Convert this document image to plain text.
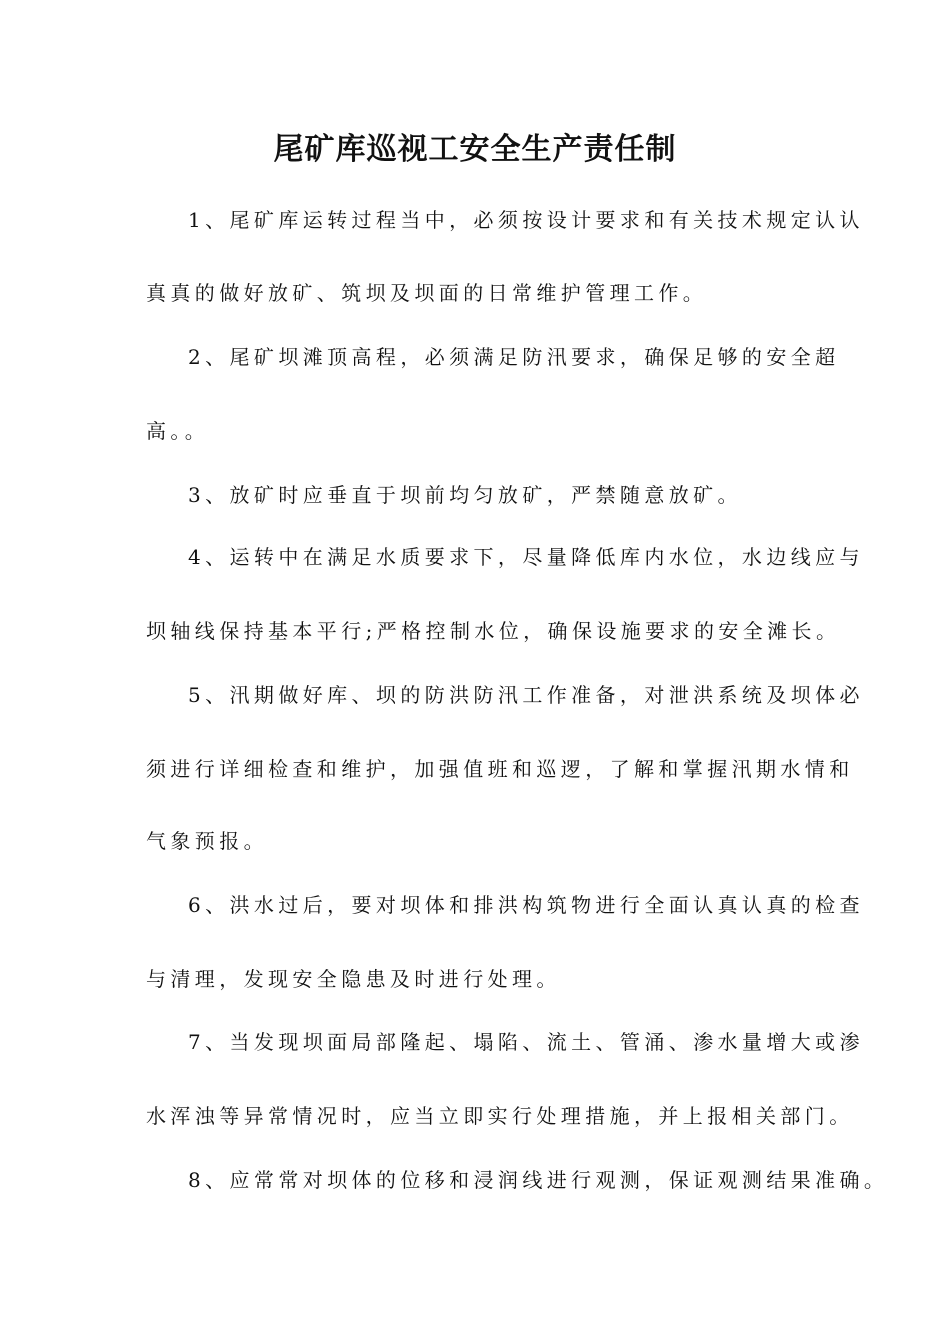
尾矿库巡视工安全生产责任制
1、尾矿库运转过程当中，必须按设计要求和有关技术规定认认
真真的做好放矿、筑坝及坝面的日常维护管理工作。
2、尾矿坝滩顶高程，必须满足防汛要求，确保足够的安全超
高。。
3、放矿时应垂直于坝前均匀放矿，严禁随意放矿。
4、运转中在满足水质要求下，尽量降低库内水位，水边线应与
坝轴线保持基本平行;严格控制水位，确保设施要求的安全滩长。
5、汛期做好库、坝的防洪防汛工作准备，对泄洪系统及坝体必
须进行详细检查和维护，加强值班和巡逻，了解和掌握汛期水情和
气象预报。
6、洪水过后，要对坝体和排洪构筑物进行全面认真认真的检查
与清理，发现安全隐患及时进行处理。
7、当发现坝面局部隆起、塌陷、流土、管涌、渗水量增大或渗
水浑浊等异常情况时，应当立即实行处理措施，并上报相关部门。
8、应常常对坝体的位移和浸润线进行观测，保证观测结果准确。
